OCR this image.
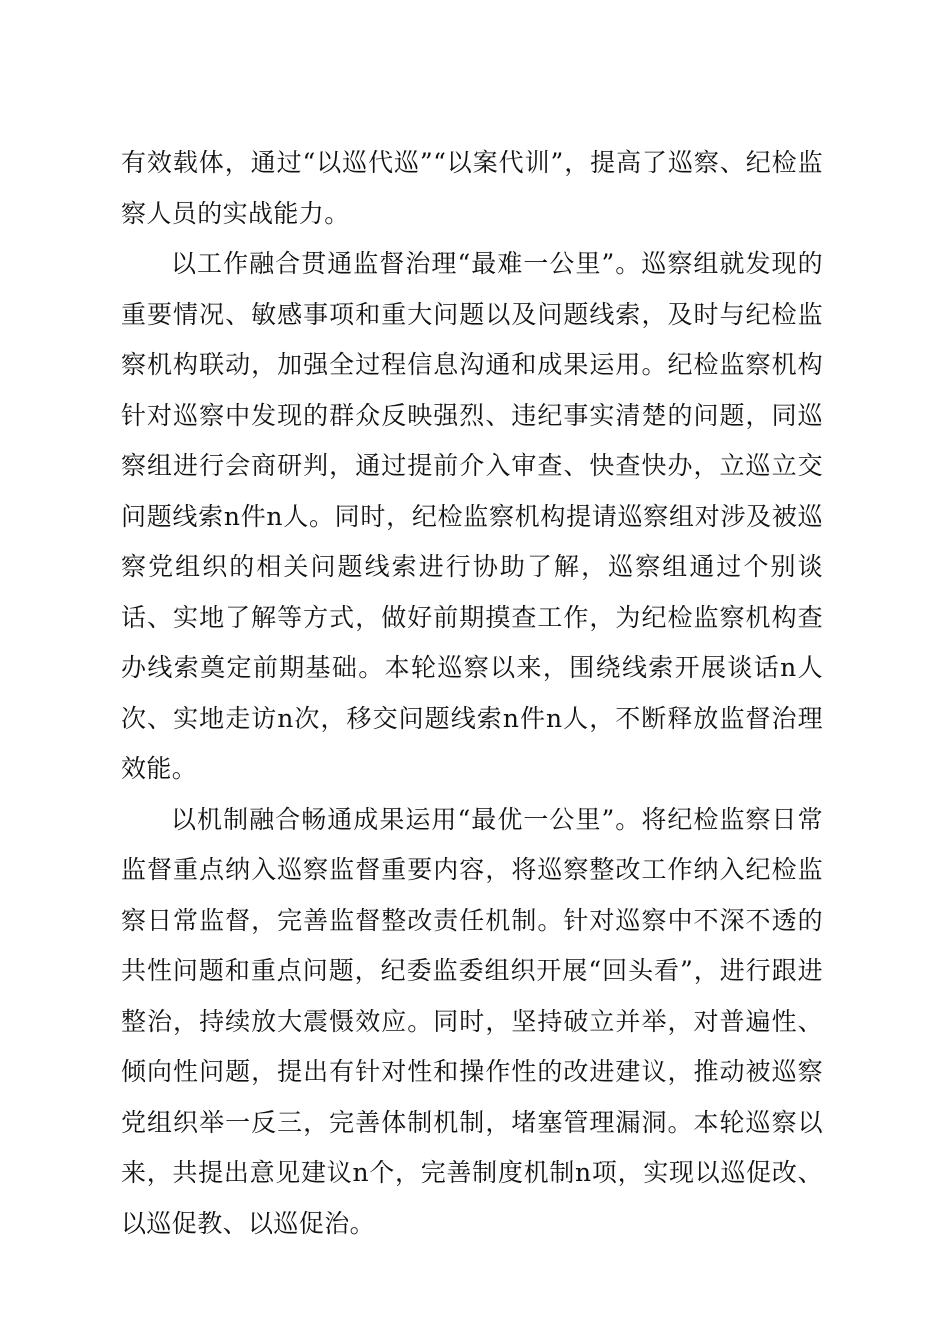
有效载体，通过“以巡代巡”“以案代训”，提高了巡察、纪检监察人员的实战能力。

以工作融合贯通监督治理“最难一公里”。巡察组就发现的重要情况、敏感事项和重大问题以及问题线索，及时与纪检监察机构联动，加强全过程信息沟通和成果运用。纪检监察机构针对巡察中发现的群众反映强烈、违纪事实清楚的问题，同巡察组进行会商研判，通过提前介入审查、快查快办，立巡立交问题线索n件n人。同时，纪检监察机构提请巡察组对涉及被巡察党组织的相关问题线索进行协助了解，巡察组通过个别谈话、实地了解等方式，做好前期摸查工作，为纪检监察机构查办线索奠定前期基础。本轮巡察以来，围绕线索开展谈话n人次、实地走访n次，移交问题线索n件n人，不断释放监督治理效能。

以机制融合畅通成果运用“最优一公里”。将纪检监察日常监督重点纳入巡察监督重要内容，将巡察整改工作纳入纪检监察日常监督，完善监督整改责任机制。针对巡察中不深不透的共性问题和重点问题，纪委监委组织开展“回头看”，进行跟进整治，持续放大震慑效应。同时，坚持破立并举，对普遍性、倾向性问题，提出有针对性和操作性的改进建议，推动被巡察党组织举一反三，完善体制机制，堵塞管理漏洞。本轮巡察以来，共提出意见建议n个，完善制度机制n项，实现以巡促改、以巡促教、以巡促治。
